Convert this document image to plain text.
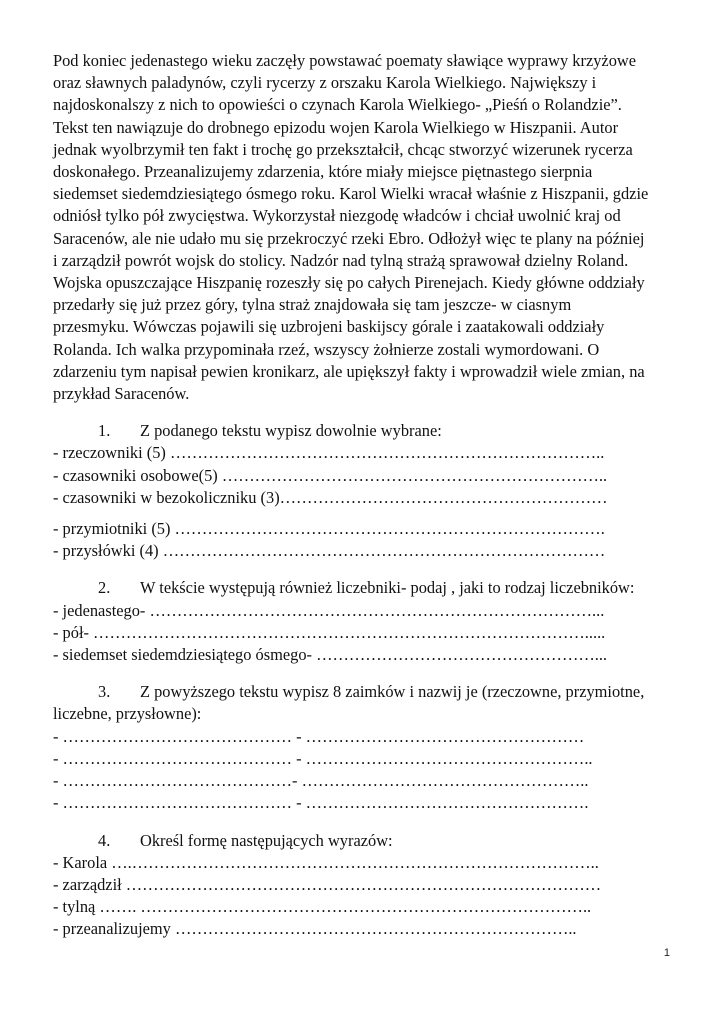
Pod koniec jedenastego wieku zaczęły powstawać poematy sławiące wyprawy krzyżowe
oraz sławnych paladynów, czyli rycerzy z orszaku Karola Wielkiego. Największy i
najdoskonalszy z nich to opowieści o czynach Karola Wielkiego- „Pieśń o Rolandzie”.
Tekst ten nawiązuje do drobnego epizodu wojen Karola Wielkiego w Hiszpanii. Autor
jednak wyolbrzymił ten fakt i trochę go przekształcił, chcąc stworzyć wizerunek rycerza
doskonałego. Przeanalizujemy zdarzenia, które miały miejsce piętnastego sierpnia
siedemset siedemdziesiątego ósmego roku. Karol Wielki wracał właśnie z Hiszpanii, gdzie
odniósł tylko pół zwycięstwa. Wykorzystał niezgodę władców i chciał uwolnić kraj od
Saracenów, ale nie udało mu się przekroczyć rzeki Ebro. Odłożył więc te plany na później
i zarządził powrót wojsk do stolicy. Nadzór nad tylną strażą sprawował dzielny Roland.
Wojska opuszczające Hiszpanię rozeszły się po całych Pirenejach. Kiedy główne oddziały
przedarły się już przez góry, tylna straż znajdowała się tam jeszcze- w ciasnym
przesmyku. Wówczas pojawili się uzbrojeni baskijscy górale i zaatakowali oddziały
Rolanda. Ich walka przypominała rzeź, wszyscy żołnierze zostali wymordowani. O
zdarzeniu tym napisał pewien kronikarz, ale upiększył fakty i wprowadził wiele zmian, na
przykład Saracenów.

1. Z podanego tekstu wypisz dowolnie wybrane:
- rzeczowniki (5) ……………………………………………………………………..
- czasowniki osobowe(5) ……………………………………………………………..
- czasowniki w bezokoliczniku (3)……………………………………………………
- przymiotniki (5) …………………………………………………………………….
- przysłówki (4) ………………………………………………………………………
2. W tekście występują również liczebniki- podaj , jaki to rodzaj liczebników:
- jedenastego- ………………………………………………………………………...
- pół- ……………………………………………………………………………….....
- siedemset siedemdziesiątego ósmego- ……………………………………………...
3. Z powyższego tekstu wypisz 8 zaimków i nazwij je (rzeczowne, przymiotne,
liczebne, przysłowne):
- …………………………………… - ……………………………………………
- …………………………………… - ……………………………………………..
- ……………………………………- ……………………………………………..
- …………………………………… - …………………………………………….
4. Określ formę następujących wyrazów:
- Karola ….…………………………………………………………………………..
- zarządził ……………………………………………………………………………
- tylną ……. ………………………………………………………………………..
- przeanalizujemy ………………………………………………………………..
1
